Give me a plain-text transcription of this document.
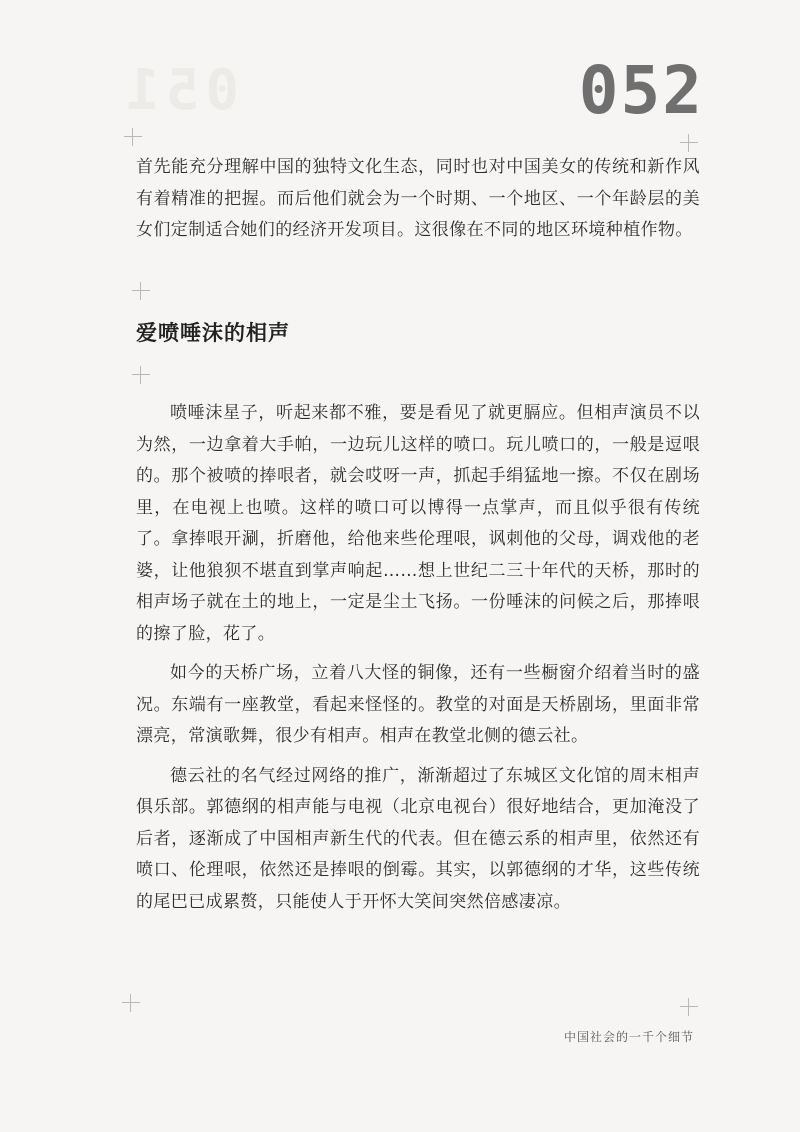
051	052

首先能充分理解中国的独特文化生态，同时也对中国美女的传统和新作风有着精准的把握。而后他们就会为一个时期、一个地区、一个年龄层的美女们定制适合她们的经济开发项目。这很像在不同的地区环境种植作物。

爱喷唾沫的相声

喷唾沫星子，听起来都不雅，要是看见了就更膈应。但相声演员不以为然，一边拿着大手帕，一边玩儿这样的喷口。玩儿喷口的，一般是逗哏的。那个被喷的捧哏者，就会哎呀一声，抓起手绢猛地一擦。不仅在剧场里，在电视上也喷。这样的喷口可以博得一点掌声，而且似乎很有传统了。拿捧哏开涮，折磨他，给他来些伦理哏，讽刺他的父母，调戏他的老婆，让他狼狈不堪直到掌声响起……想上世纪二三十年代的天桥，那时的相声场子就在土的地上，一定是尘土飞扬。一份唾沫的问候之后，那捧哏的擦了脸，花了。

如今的天桥广场，立着八大怪的铜像，还有一些橱窗介绍着当时的盛况。东端有一座教堂，看起来怪怪的。教堂的对面是天桥剧场，里面非常漂亮，常演歌舞，很少有相声。相声在教堂北侧的德云社。

德云社的名气经过网络的推广，渐渐超过了东城区文化馆的周末相声俱乐部。郭德纲的相声能与电视（北京电视台）很好地结合，更加淹没了后者，逐渐成了中国相声新生代的代表。但在德云系的相声里，依然还有喷口、伦理哏，依然还是捧哏的倒霉。其实，以郭德纲的才华，这些传统的尾巴已成累赘，只能使人于开怀大笑间突然倍感凄凉。

中国社会的一千个细节
